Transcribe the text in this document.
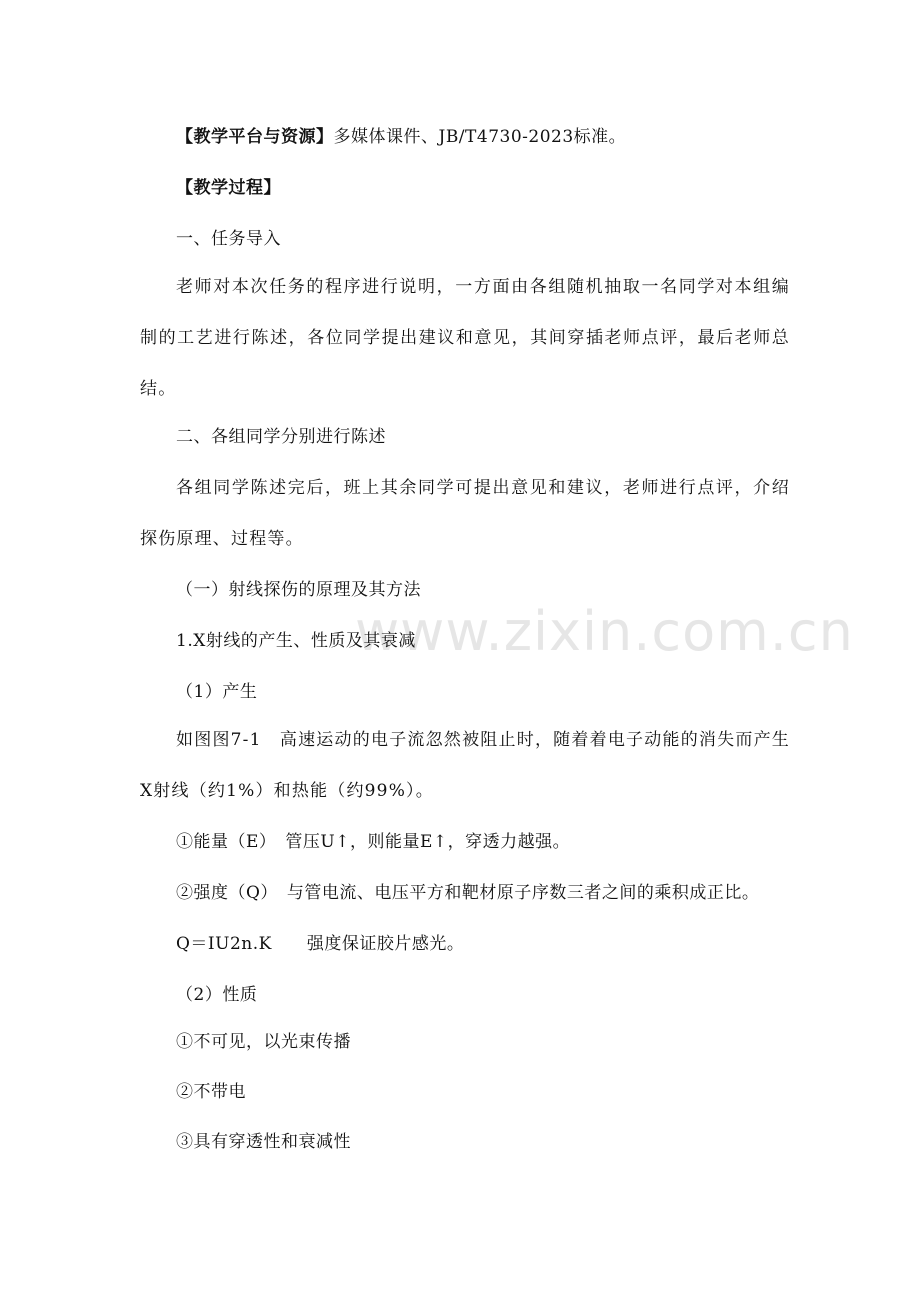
www.zixin.com.cn
【教学平台与资源】多媒体课件、JB/T4730-2023标准。
【教学过程】
一、任务导入
老师对本次任务的程序进行说明，一方面由各组随机抽取一名同学对本组编制的工艺进行陈述，各位同学提出建议和意见，其间穿插老师点评，最后老师总结。
二、各组同学分别进行陈述
各组同学陈述完后，班上其余同学可提出意见和建议，老师进行点评，介绍探伤原理、过程等。
（一）射线探伤的原理及其方法
1.X射线的产生、性质及其衰减
（1）产生
如图图7-1　高速运动的电子流忽然被阻止时，随着着电子动能的消失而产生X射线（约1%）和热能（约99%）。
①能量（E）　管压U↑，则能量E↑，穿透力越强。
②强度（Q）　与管电流、电压平方和靶材原子序数三者之间的乘积成正比。
Q＝IU2n.K　　强度保证胶片感光。
（2）性质
①不可见，以光束传播
②不带电
③具有穿透性和衰减性
